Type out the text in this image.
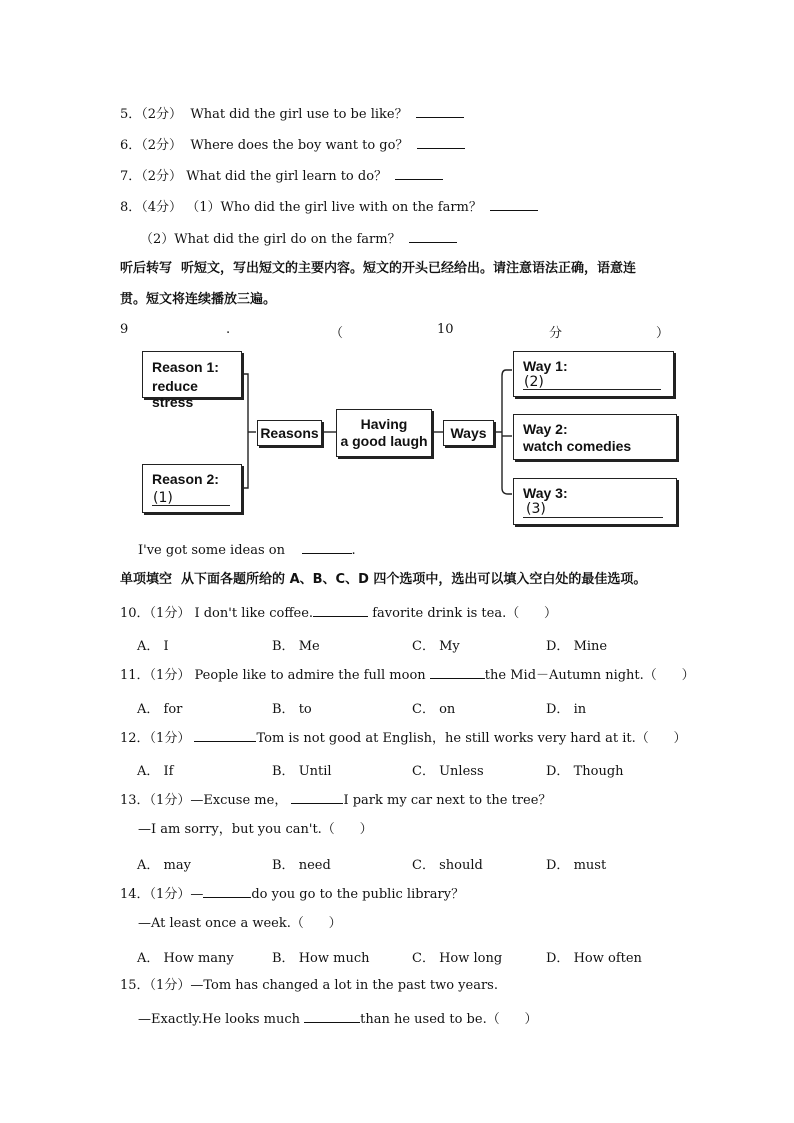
5．（2分） What did the girl use to be like？
6．（2分） Where does the boy want to go？
7．（2分） What did the girl learn to do？
8．（4分） （1）Who did the girl live with on the farm？
（2）What did the girl do on the farm？
听后转写  听短文，写出短文的主要内容。短文的开头已经给出。请注意语法正确，语意连
贯。短文将连续播放三遍。
9	.	（	10	分	）
Reason 1:
reduce stress
Reason 2:
(1)
Reasons
Having
a good laugh	Ways
Way 1:
(2)
Way 2:
watch comedies
Way 3:
(3)
I've got some ideas on	.
单项填空  从下面各题所给的 A、B、C、D 四个选项中，选出可以填入空白处的最佳选项。
10．（1分） I don't like coffee.	favorite drink is tea.（      ）
A． I	B． Me	C． My	D． Mine
11．（1分） People like to admire the full moon	the Mid－Autumn night.（      ）
A． for	B． to	C． on	D． in
12．（1分）	Tom is not good at English，he still works very hard at it.（      ）
A． If	B． Until	C． Unless	D． Though
13．（1分）—Excuse me，	I park my car next to the tree？
—I am sorry，but you can't.（      ）
A． may	B． need	C． should	D． must
14．（1分）—	do you go to the public library？
—At least once a week.（      ）
A． How many	B． How much	C． How long	D． How often
15．（1分）—Tom has changed a lot in the past two years.
—Exactly.He looks much	than he used to be.（      ）
